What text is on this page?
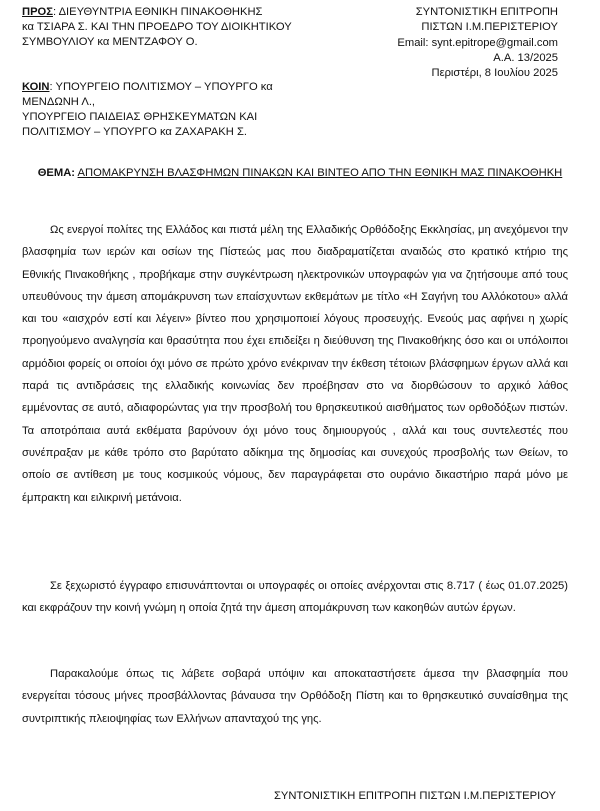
ΠΡΟΣ: ΔΙΕΥΘΥΝΤΡΙΑ ΕΘΝΙΚΗ ΠΙΝΑΚΟΘΗΚΗΣ
κα ΤΣΙΑΡΑ Σ. ΚΑΙ ΤΗΝ ΠΡΟΕΔΡΟ ΤΟΥ ΔΙΟΙΚΗΤΙΚΟΥ
ΣΥΜΒΟΥΛΙΟΥ κα ΜΕΝΤΖΑΦΟΥ Ο.
ΣΥΝΤΟΝΙΣΤΙΚΗ ΕΠΙΤΡΟΠΗ
ΠΙΣΤΩΝ Ι.Μ.ΠΕΡΙΣΤΕΡΙΟΥ
Email: synt.epitrope@gmail.com
Α.Α. 13/2025
Περιστέρι, 8 Ιουλίου 2025
ΚΟΙΝ: ΥΠΟΥΡΓΕΙΟ ΠΟΛΙΤΙΣΜΟΥ – ΥΠΟΥΡΓΟ κα
ΜΕΝΔΩΝΗ Λ.,
ΥΠΟΥΡΓΕΙΟ ΠΑΙΔΕΙΑΣ ΘΡΗΣΚΕΥΜΑΤΩΝ ΚΑΙ
ΠΟΛΙΤΙΣΜΟΥ – ΥΠΟΥΡΓΟ κα ΖΑΧΑΡΑΚΗ Σ.
ΘΕΜΑ: ΑΠΟΜΑΚΡΥΝΣΗ ΒΛΑΣΦΗΜΩΝ ΠΙΝΑΚΩΝ ΚΑΙ ΒΙΝΤΕΟ ΑΠΟ ΤΗΝ ΕΘΝΙΚΗ ΜΑΣ ΠΙΝΑΚΟΘΗΚΗ
Ως ενεργοί πολίτες της Ελλάδος και πιστά μέλη της Ελλαδικής Ορθόδοξης Εκκλησίας, μη ανεχόμενοι την βλασφημία των ιερών και οσίων της Πίστεώς μας που διαδραματίζεται αναιδώς στο κρατικό κτήριο της Εθνικής Πινακοθήκης , προβήκαμε στην συγκέντρωση ηλεκτρονικών υπογραφών για να ζητήσουμε από τους υπευθύνους την άμεση απομάκρυνση των επαίσχυντων εκθεμάτων με τίτλο «Η Σαγήνη του Αλλόκοτου» αλλά και του «αισχρόν εστί και λέγειν» βίντεο που χρησιμοποιεί λόγους προσευχής. Ενεούς μας αφήνει η χωρίς προηγούμενο αναλγησία και θρασύτητα που έχει επιδείξει η διεύθυνση της Πινακοθήκης όσο και οι υπόλοιποι αρμόδιοι φορείς οι οποίοι όχι μόνο σε πρώτο χρόνο ενέκριναν την έκθεση τέτοιων βλάσφημων έργων αλλά και παρά τις αντιδράσεις της ελλαδικής κοινωνίας δεν προέβησαν στο να διορθώσουν το αρχικό λάθος εμμένοντας σε αυτό, αδιαφορώντας για την προσβολή του θρησκευτικού αισθήματος των ορθοδόξων πιστών. Τα αποτρόπαια αυτά εκθέματα βαρύνουν όχι μόνο τους δημιουργούς , αλλά και τους συντελεστές που συνέπραξαν με κάθε τρόπο στο βαρύτατο αδίκημα της δημοσίας και συνεχούς προσβολής των Θείων, το οποίο σε αντίθεση με τους κοσμικούς νόμους, δεν παραγράφεται στο ουράνιο δικαστήριο παρά μόνο με έμπρακτη και ειλικρινή μετάνοια.
Σε ξεχωριστό έγγραφο επισυνάπτονται οι υπογραφές οι οποίες ανέρχονται στις 8.717 ( έως 01.07.2025) και εκφράζουν την κοινή γνώμη η οποία ζητά την άμεση απομάκρυνση των κακοηθών αυτών έργων.
Παρακαλούμε όπως τις λάβετε σοβαρά υπόψιν και αποκαταστήσετε άμεσα την βλασφημία που ενεργείται τόσους μήνες προσβάλλοντας βάναυσα την Ορθόδοξη Πίστη και το θρησκευτικό συναίσθημα της συντριπτικής πλειοψηφίας των Ελλήνων απανταχού της γης.
ΣΥΝΤΟΝΙΣΤΙΚΗ ΕΠΙΤΡΟΠΗ ΠΙΣΤΩΝ Ι.Μ.ΠΕΡΙΣΤΕΡΙΟΥ
